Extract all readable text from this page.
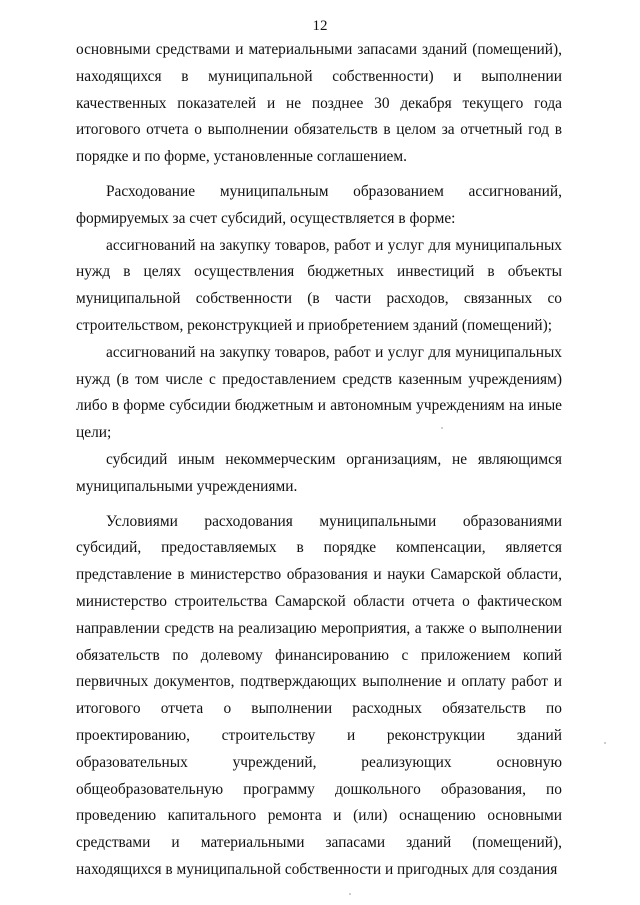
12

основными средствами и материальными запасами зданий (помещений), находящихся в муниципальной собственности) и выполнении качественных показателей и не позднее 30 декабря текущего года итогового отчета о выполнении обязательств в целом за отчетный год в порядке и по форме, установленные соглашением.

Расходование муниципальным образованием ассигнований, формируемых за счет субсидий, осуществляется в форме:

ассигнований на закупку товаров, работ и услуг для муниципальных нужд в целях осуществления бюджетных инвестиций в объекты муниципальной собственности (в части расходов, связанных со строительством, реконструкцией и приобретением зданий (помещений);

ассигнований на закупку товаров, работ и услуг для муниципальных нужд (в том числе с предоставлением средств казенным учреждениям) либо в форме субсидии бюджетным и автономным учреждениям на иные цели;

субсидий иным некоммерческим организациям, не являющимся муниципальными учреждениями.

Условиями расходования муниципальными образованиями субсидий, предоставляемых в порядке компенсации, является представление в министерство образования и науки Самарской области, министерство строительства Самарской области отчета о фактическом направлении средств на реализацию мероприятия, а также о выполнении обязательств по долевому финансированию с приложением копий первичных документов, подтверждающих выполнение и оплату работ и итогового отчета о выполнении расходных обязательств по проектированию, строительству и реконструкции зданий образовательных учреждений, реализующих основную общеобразовательную программу дошкольного образования, по проведению капитального ремонта и (или) оснащению основными средствами и материальными запасами зданий (помещений), находящихся в муниципальной собственности и пригодных для создания
